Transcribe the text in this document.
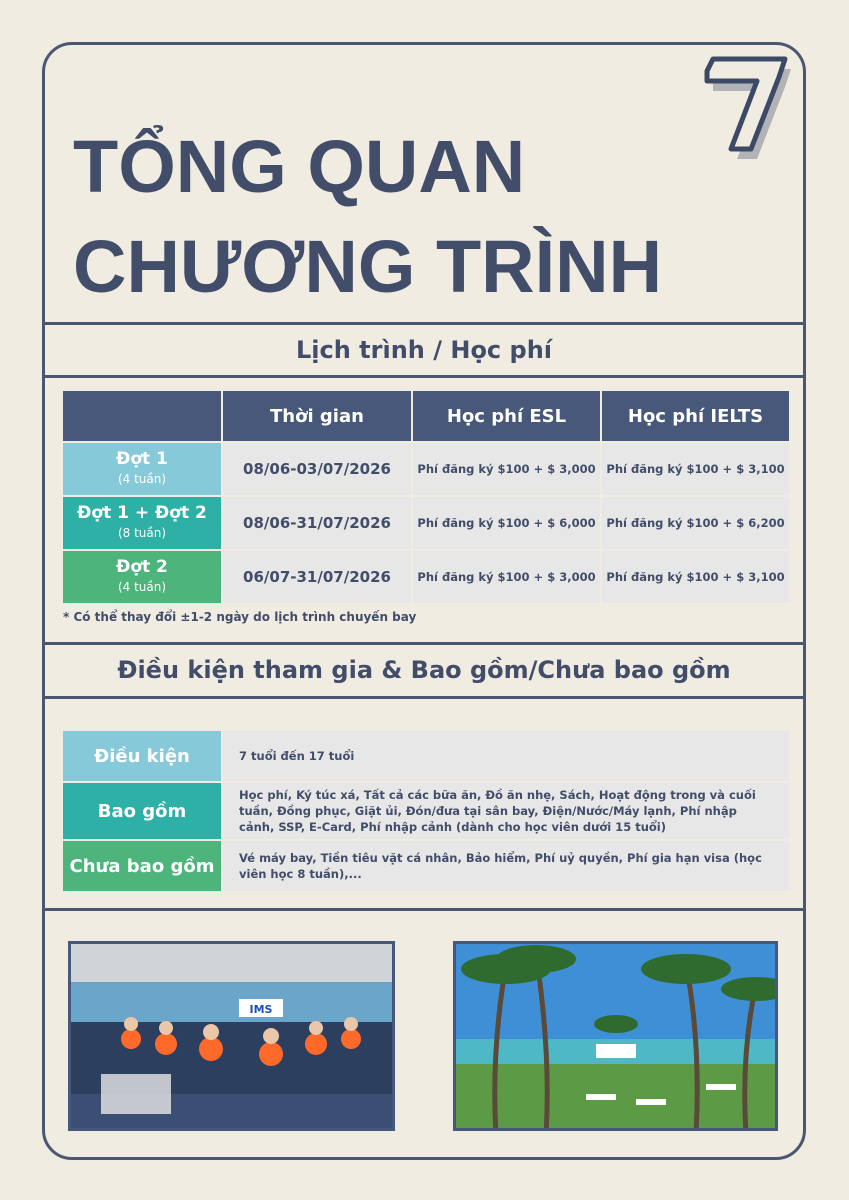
7
TỔNG QUAN
CHƯƠNG TRÌNH
Lịch trình / Học phí
	Thời gian	Học phí ESL	Học phí IELTS

Đợt 1
(4 tuần)	08/06-03/07/2026	Phí đăng ký $100 + $ 3,000	Phí đăng ký $100 + $ 3,100

Đợt 1 + Đợt 2
(8 tuần)	08/06-31/07/2026	Phí đăng ký $100 + $ 6,000	Phí đăng ký $100 + $ 6,200

Đợt 2
(4 tuần)	06/07-31/07/2026	Phí đăng ký $100 + $ 3,000	Phí đăng ký $100 + $ 3,100
* Có thể thay đổi ±1-2 ngày do lịch trình chuyến bay
Điều kiện tham gia & Bao gồm/Chưa bao gồm
Điều kiện	7 tuổi đến 17 tuổi
Bao gồm	Học phí, Ký túc xá, Tất cả các bữa ăn, Đồ ăn nhẹ, Sách, Hoạt động trong và cuối tuần, Đồng phục, Giặt ủi, Đón/đưa tại sân bay, Điện/Nước/Máy lạnh, Phí nhập cảnh, SSP, E-Card, Phí nhập cảnh (dành cho học viên dưới 15 tuổi)
Chưa bao gồm	Vé máy bay, Tiền tiêu vặt cá nhân, Bảo hiểm, Phí uỷ quyền, Phí gia hạn visa (học viên học 8 tuần),...
IMS
